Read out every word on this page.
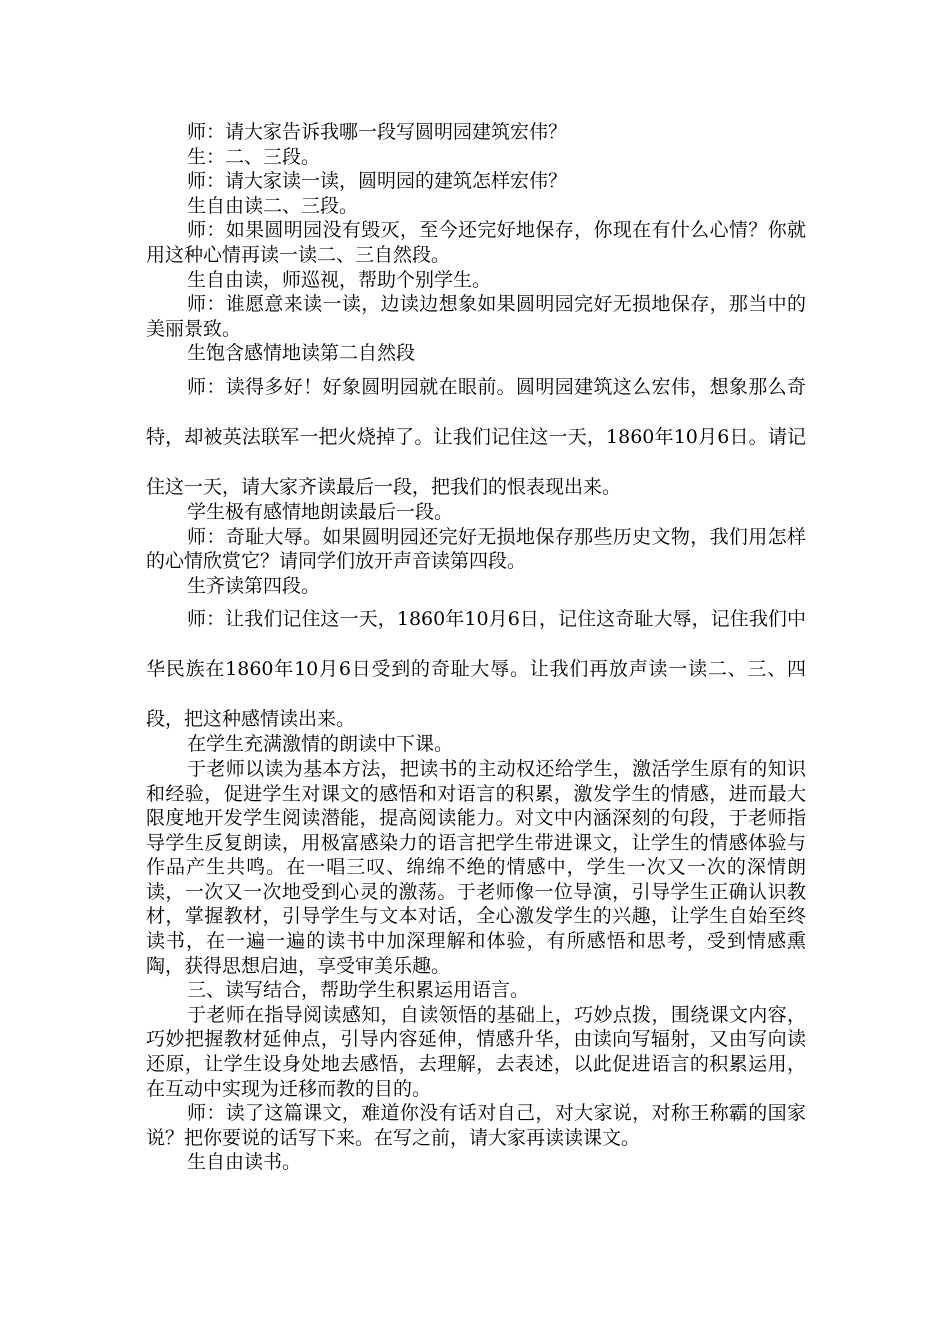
师：请大家告诉我哪一段写圆明园建筑宏伟？

生：二、三段。

师：请大家读一读，圆明园的建筑怎样宏伟？

生自由读二、三段。

师：如果圆明园没有毁灭，至今还完好地保存，你现在有什么心情？你就用这种心情再读一读二、三自然段。

生自由读，师巡视，帮助个别学生。

师：谁愿意来读一读，边读边想象如果圆明园完好无损地保存，那当中的美丽景致。

生饱含感情地读第二自然段

师：读得多好！好象圆明园就在眼前。圆明园建筑这么宏伟，想象那么奇特，却被英法联军一把火烧掉了。让我们记住这一天，1860年10月6日。请记住这一天，请大家齐读最后一段，把我们的恨表现出来。

学生极有感情地朗读最后一段。

师：奇耻大辱。如果圆明园还完好无损地保存那些历史文物，我们用怎样的心情欣赏它？请同学们放开声音读第四段。

生齐读第四段。

师：让我们记住这一天，1860年10月6日，记住这奇耻大辱，记住我们中华民族在1860年10月6日受到的奇耻大辱。让我们再放声读一读二、三、四段，把这种感情读出来。

在学生充满激情的朗读中下课。

于老师以读为基本方法，把读书的主动权还给学生，激活学生原有的知识和经验，促进学生对课文的感悟和对语言的积累，激发学生的情感，进而最大限度地开发学生阅读潜能，提高阅读能力。对文中内涵深刻的句段，于老师指导学生反复朗读，用极富感染力的语言把学生带进课文，让学生的情感体验与作品产生共鸣。在一唱三叹、绵绵不绝的情感中，学生一次又一次的深情朗读，一次又一次地受到心灵的激荡。于老师像一位导演，引导学生正确认识教材，掌握教材，引导学生与文本对话，全心激发学生的兴趣，让学生自始至终读书，在一遍一遍的读书中加深理解和体验，有所感悟和思考，受到情感熏陶，获得思想启迪，享受审美乐趣。

三、读写结合，帮助学生积累运用语言。

于老师在指导阅读感知，自读领悟的基础上，巧妙点拨，围绕课文内容，巧妙把握教材延伸点，引导内容延伸，情感升华，由读向写辐射，又由写向读还原，让学生设身处地去感悟，去理解，去表述，以此促进语言的积累运用，在互动中实现为迁移而教的目的。

师：读了这篇课文，难道你没有话对自己，对大家说，对称王称霸的国家说？把你要说的话写下来。在写之前，请大家再读读课文。

生自由读书。
